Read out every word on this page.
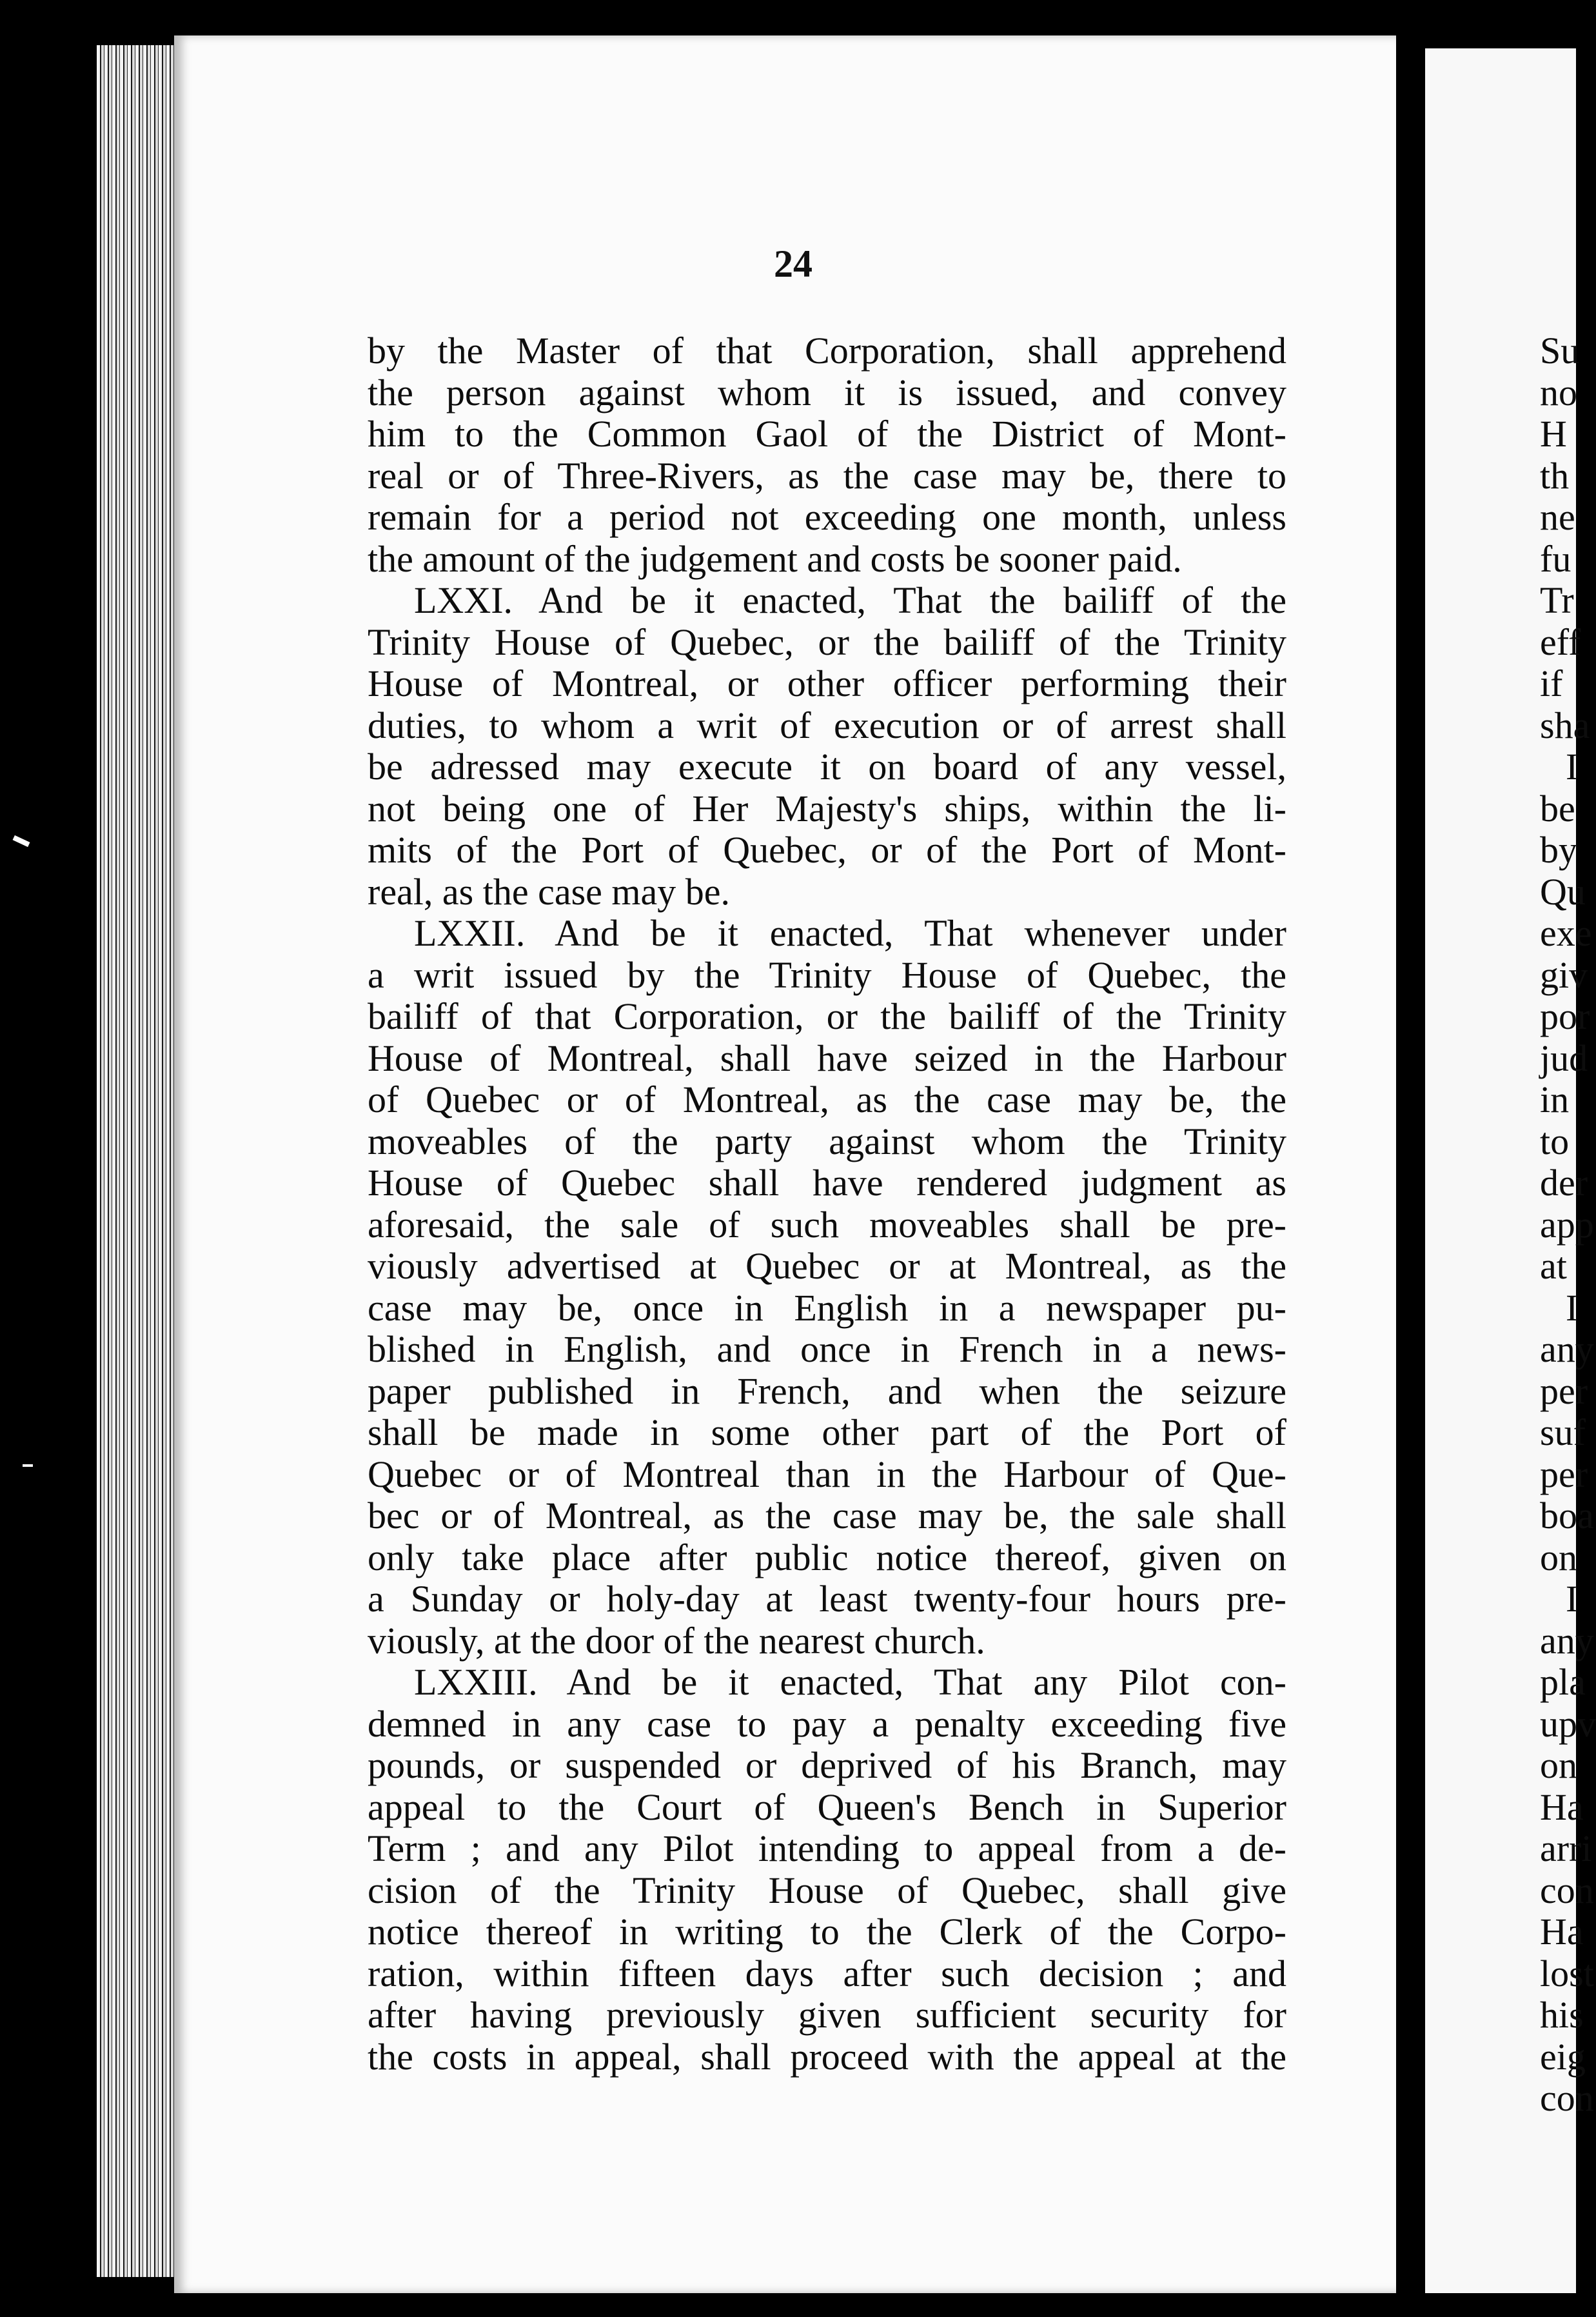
24
by the Master of that Corporation, shall apprehend
the person against whom it is issued, and convey
him to the Common Gaol of the District of Mont-
real or of Three-Rivers, as the case may be, there to
remain for a period not exceeding one month, unless
the amount of the judgement and costs be sooner paid.
LXXI. And be it enacted, That the bailiff of the
Trinity House of Quebec, or the bailiff of the Trinity
House of Montreal, or other officer performing their
duties, to whom a writ of execution or of arrest shall
be adressed may execute it on board of any vessel,
not being one of Her Majesty's ships, within the li-
mits of the Port of Quebec, or of the Port of Mont-
real, as the case may be.
LXXII. And be it enacted, That whenever under
a writ issued by the Trinity House of Quebec, the
bailiff of that Corporation, or the bailiff of the Trinity
House of Montreal, shall have seized in the Harbour
of Quebec or of Montreal, as the case may be, the
moveables of the party against whom the Trinity
House of Quebec shall have rendered judgment as
aforesaid, the sale of such moveables shall be pre-
viously advertised at Quebec or at Montreal, as the
case may be, once in English in a newspaper pu-
blished in English, and once in French in a news-
paper published in French, and when the seizure
shall be made in some other part of the Port of
Quebec or of Montreal than in the Harbour of Que-
bec or of Montreal, as the case may be, the sale shall
only take place after public notice thereof, given on
a Sunday or holy-day at least twenty-four hours pre-
viously, at the door of the nearest church.
LXXIII. And be it enacted, That any Pilot con-
demned in any case to pay a penalty exceeding five
pounds, or suspended or deprived of his Branch, may
appeal to the Court of Queen's Bench in Superior
Term ; and any Pilot intending to appeal from a de-
cision of the Trinity House of Quebec, shall give
notice thereof in writing to the Clerk of the Corpo-
ration, within fifteen days after such decision ; and
after having previously given sufficient security for
the costs in appeal, shall proceed with the appeal at the
Su
no
H
th
ne
fu
Tr
eff
if
sha
I
be
by
Qu
exe
giv
por
jud
in
to
der
app
at
I
any
per
suf
per
boa
on
I
any
pla
upv
on
Ha
arri
con
Ha
lost
his
eig
con
